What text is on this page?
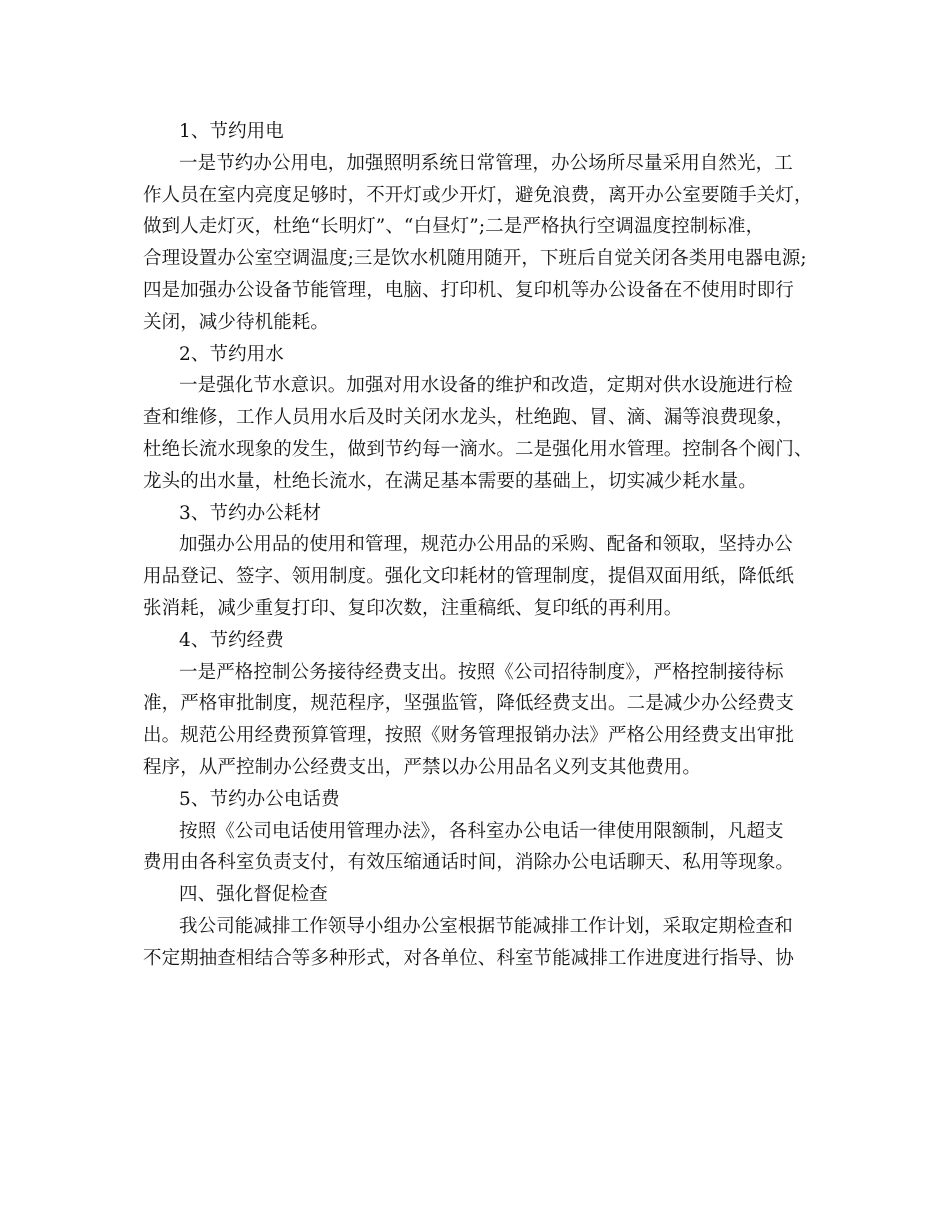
1、节约用电
一是节约办公用电，加强照明系统日常管理，办公场所尽量采用自然光，工
作人员在室内亮度足够时，不开灯或少开灯，避免浪费，离开办公室要随手关灯，
做到人走灯灭，杜绝“长明灯”、“白昼灯”;二是严格执行空调温度控制标准，
合理设置办公室空调温度;三是饮水机随用随开，下班后自觉关闭各类用电器电源;
四是加强办公设备节能管理，电脑、打印机、复印机等办公设备在不使用时即行
关闭，减少待机能耗。
2、节约用水
一是强化节水意识。加强对用水设备的维护和改造，定期对供水设施进行检
查和维修，工作人员用水后及时关闭水龙头，杜绝跑、冒、滴、漏等浪费现象，
杜绝长流水现象的发生，做到节约每一滴水。二是强化用水管理。控制各个阀门、
龙头的出水量，杜绝长流水，在满足基本需要的基础上，切实减少耗水量。
3、节约办公耗材
加强办公用品的使用和管理，规范办公用品的采购、配备和领取，坚持办公
用品登记、签字、领用制度。强化文印耗材的管理制度，提倡双面用纸，降低纸
张消耗，减少重复打印、复印次数，注重稿纸、复印纸的再利用。
4、节约经费
一是严格控制公务接待经费支出。按照《公司招待制度》，严格控制接待标
准，严格审批制度，规范程序，坚强监管，降低经费支出。二是减少办公经费支
出。规范公用经费预算管理，按照《财务管理报销办法》严格公用经费支出审批
程序，从严控制办公经费支出，严禁以办公用品名义列支其他费用。
5、节约办公电话费
按照《公司电话使用管理办法》，各科室办公电话一律使用限额制，凡超支
费用由各科室负责支付，有效压缩通话时间，消除办公电话聊天、私用等现象。
四、强化督促检查
我公司能减排工作领导小组办公室根据节能减排工作计划，采取定期检查和
不定期抽查相结合等多种形式，对各单位、科室节能减排工作进度进行指导、协
